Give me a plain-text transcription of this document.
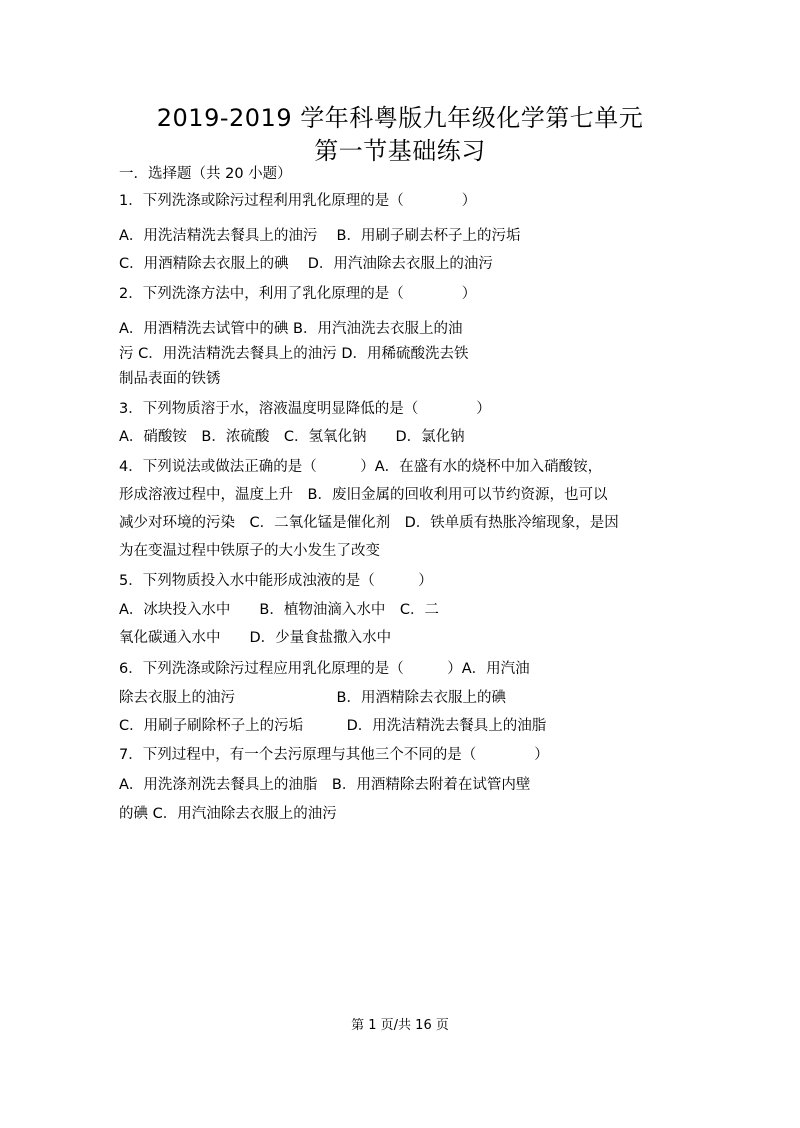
2019-2019 学年科粤版九年级化学第七单元
第一节基础练习
一．选择题（共 20 小题）
1．下列洗涤或除污过程利用乳化原理的是（　　　　）
A．用洗洁精洗去餐具上的油污　 B．用刷子刷去杯子上的污垢
C．用酒精除去衣服上的碘　 D．用汽油除去衣服上的油污
2．下列洗涤方法中，利用了乳化原理的是（　　　　）
A．用酒精洗去试管中的碘 B．用汽油洗去衣服上的油
污 C．用洗洁精洗去餐具上的油污 D．用稀硫酸洗去铁
制品表面的铁锈
3．下列物质溶于水，溶液温度明显降低的是（　　　　）
A．硝酸铵　B．浓硫酸　C．氢氧化钠　　D．氯化钠
4．下列说法或做法正确的是（　　　）A．在盛有水的烧杯中加入硝酸铵，
形成溶液过程中，温度上升　B．废旧金属的回收利用可以节约资源，也可以
减少对环境的污染　C．二氧化锰是催化剂　D．铁单质有热胀冷缩现象，是因
为在变温过程中铁原子的大小发生了改变
5．下列物质投入水中能形成浊液的是（　　　）
A．冰块投入水中　　B．植物油滴入水中　C．二
氧化碳通入水中　　D．少量食盐撒入水中
6．下列洗涤或除污过程应用乳化原理的是（　　　）A．用汽油
除去衣服上的油污　　　　　　　B．用酒精除去衣服上的碘
C．用刷子刷除杯子上的污垢　　　D．用洗洁精洗去餐具上的油脂
7．下列过程中，有一个去污原理与其他三个不同的是（　　　　）
A．用洗涤剂洗去餐具上的油脂　B．用酒精除去附着在试管内壁
的碘 C．用汽油除去衣服上的油污
第 1 页/共 16 页
